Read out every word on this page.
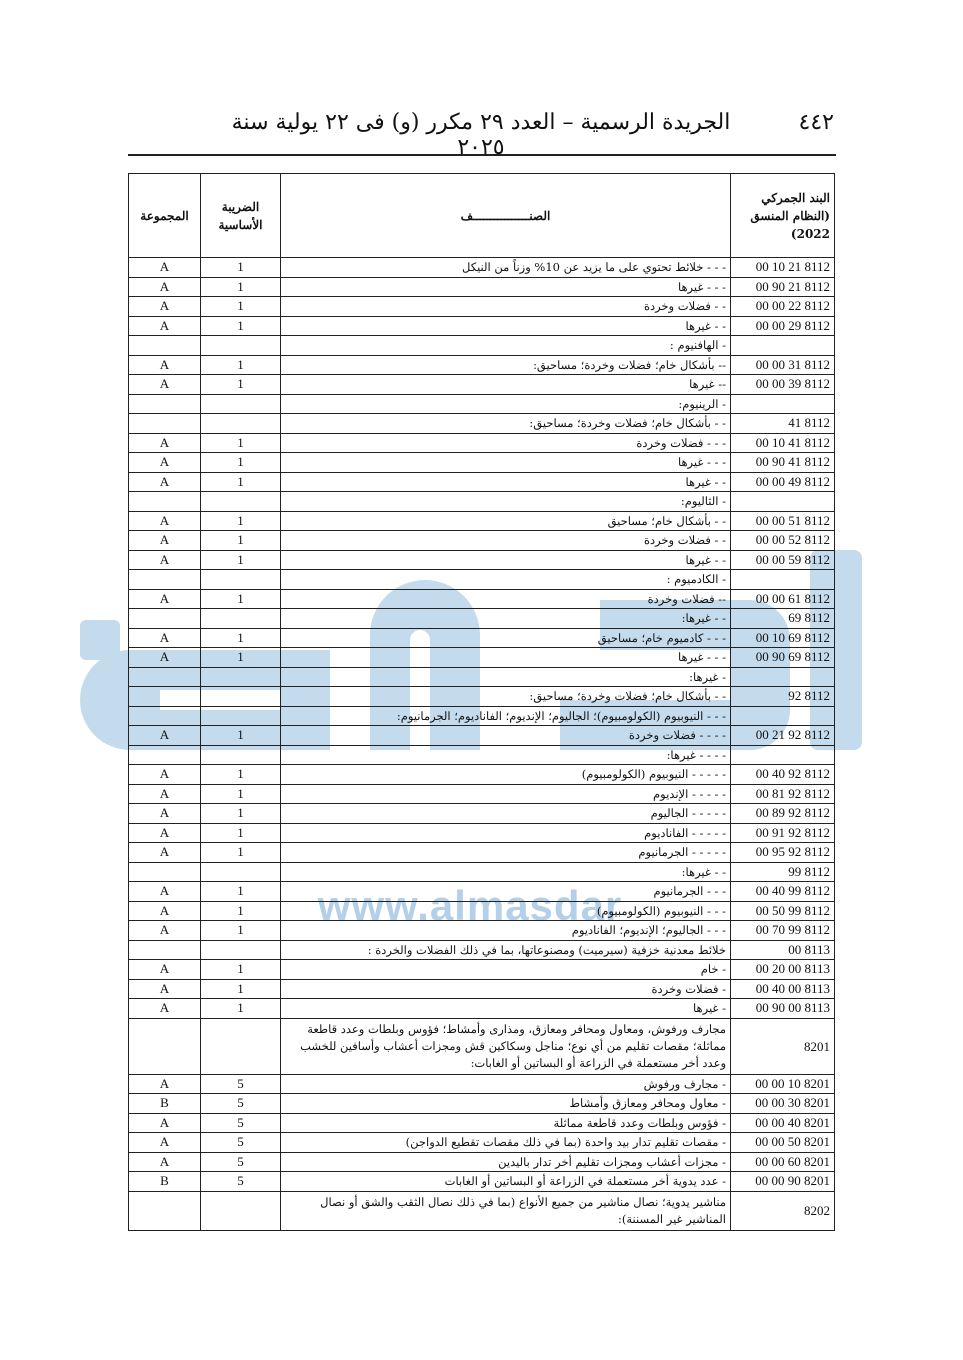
٤٤٢
الجريدة الرسمية – العدد ٢٩ مكرر (و) فى ٢٢ يولية سنة ٢٠٢٥
www.almasdar
البند الجمركي (النظام المنسق 2022)	الصنــــــــــــــــف	الضريبة الأساسية	المجموعة
8112 21 10 00	- - - خلائط تحتوي على ما يزيد عن 10% وزناً من النيكل	1	A
8112 21 90 00	- - - غيرها	1	A
8112 22 00 00	- - فضلات وخردة	1	A
8112 29 00 00	- - غيرها	1	A
	- الهافنيوم :		
8112 31 00 00	-- بأشكال خام؛ فضلات وخردة؛ مساحيق:	1	A
8112 39 00 00	-- غيرها	1	A
	- الرينيوم:		
8112 41	- - بأشكال خام؛ فضلات وخردة؛ مساحيق:		
8112 41 10 00	- - - فضلات وخردة	1	A
8112 41 90 00	- - - غيرها	1	A
8112 49 00 00	- - غيرها	1	A
	- الثاليوم:		
8112 51 00 00	- - بأشكال خام؛ مساحيق	1	A
8112 52 00 00	- - فضلات وخردة	1	A
8112 59 00 00	- - غيرها	1	A
	- الكادميوم :		
8112 61 00 00	-- فضلات وخردة	1	A
8112 69	- - غيرها:		
8112 69 10 00	- - - كادميوم خام؛ مساحيق	1	A
8112 69 90 00	- - - غيرها	1	A
	- غيرها:		
8112 92	- - بأشكال خام؛ فضلات وخردة؛ مساحيق:		
	- - - النيوبيوم (الكولومبيوم)؛ الجاليوم؛ الإنديوم؛ الفاناديوم؛ الجرمانيوم:		
8112 92 21 00	- - - - فضلات وخردة	1	A
	- - - - غيرها:		
8112 92 40 00	- - - - - النيوبيوم (الكولومبيوم)	1	A
8112 92 81 00	- - - - - الإنديوم	1	A
8112 92 89 00	- - - - - الجاليوم	1	A
8112 92 91 00	- - - - - الفاناديوم	1	A
8112 92 95 00	- - - - - الجرمانيوم	1	A
8112 99	- - غيرها:		
8112 99 40 00	- - - الجرمانيوم	1	A
8112 99 50 00	- - - النيوبيوم (الكولومبيوم)	1	A
8112 99 70 00	- - - الجاليوم؛ الإنديوم؛ الفاناديوم	1	A
8113 00	خلائط معدنية خزفية (سيرميت) ومصنوعاتها، بما في ذلك الفضلات والخردة :		
8113 00 20 00	- خام	1	A
8113 00 40 00	- فضلات وخردة	1	A
8113 00 90 00	- غيرها	1	A
8201	مجارف ورفوش، ومعاول ومحافر ومعازق، ومذارى وأمشاط؛ فؤوس وبلطات وعدد قاطعة مماثلة؛ مقصات تقليم من أي نوع؛ مناجل وسكاكين قش ومجزات أعشاب وأسافين للخشب وعدد أخر مستعملة في الزراعة أو البساتين أو الغابات:		
8201 10 00 00	- مجارف ورفوش	5	A
8201 30 00 00	- معاول ومحافر ومعازق وأمشاط	5	B
8201 40 00 00	- فؤوس وبلطات وعدد قاطعة مماثلة	5	A
8201 50 00 00	- مقصات تقليم تدار بيد واحدة (بما في ذلك مقصات تقطيع الدواجن)	5	A
8201 60 00 00	- مجزات أعشاب ومجزات تقليم أخر تدار باليدين	5	A
8201 90 00 00	- عدد يدوية أخر مستعملة في الزراعة أو البساتين أو الغابات	5	B
8202	مناشير يدوية؛ نصال مناشير من جميع الأنواع (بما في ذلك نصال الثقب والشق أو نصال المناشير غير المسننة):		
